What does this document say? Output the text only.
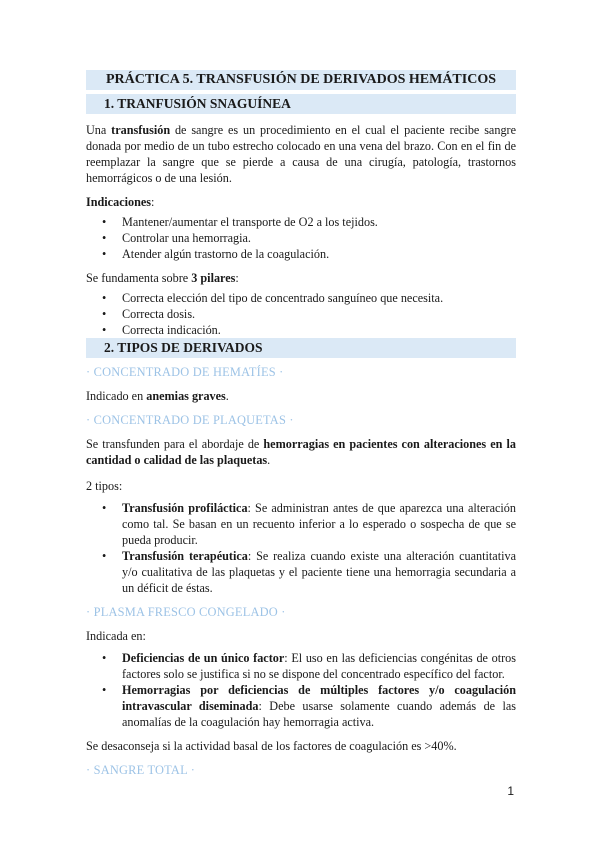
PRÁCTICA 5. TRANSFUSIÓN DE DERIVADOS HEMÁTICOS
1. TRANFUSIÓN SNAGUÍNEA

Una transfusión de sangre es un procedimiento en el cual el paciente recibe sangre donada por medio de un tubo estrecho colocado en una vena del brazo. Con en el fin de reemplazar la sangre que se pierde a causa de una cirugía, patología, trastornos hemorrágicos o de una lesión.

Indicaciones:

• Mantener/aumentar el transporte de O2 a los tejidos.
• Controlar una hemorragia.
• Atender algún trastorno de la coagulación.

Se fundamenta sobre 3 pilares:

• Correcta elección del tipo de concentrado sanguíneo que necesita.
• Correcta dosis.
• Correcta indicación.
2. TIPOS DE DERIVADOS

· CONCENTRADO DE HEMATÍES ·

Indicado en anemias graves.

· CONCENTRADO DE PLAQUETAS ·

Se transfunden para el abordaje de hemorragias en pacientes con alteraciones en la cantidad o calidad de las plaquetas.

2 tipos:

• Transfusión profiláctica: Se administran antes de que aparezca una alteración como tal. Se basan en un recuento inferior a lo esperado o sospecha de que se pueda producir.
• Transfusión terapéutica: Se realiza cuando existe una alteración cuantitativa y/o cualitativa de las plaquetas y el paciente tiene una hemorragia secundaria a un déficit de éstas.

· PLASMA FRESCO CONGELADO ·

Indicada en:

• Deficiencias de un único factor: El uso en las deficiencias congénitas de otros factores solo se justifica si no se dispone del concentrado específico del factor.
• Hemorragias por deficiencias de múltiples factores y/o coagulación intravascular diseminada: Debe usarse solamente cuando además de las anomalías de la coagulación hay hemorragia activa.

Se desaconseja si la actividad basal de los factores de coagulación es >40%.

· SANGRE TOTAL ·

1
